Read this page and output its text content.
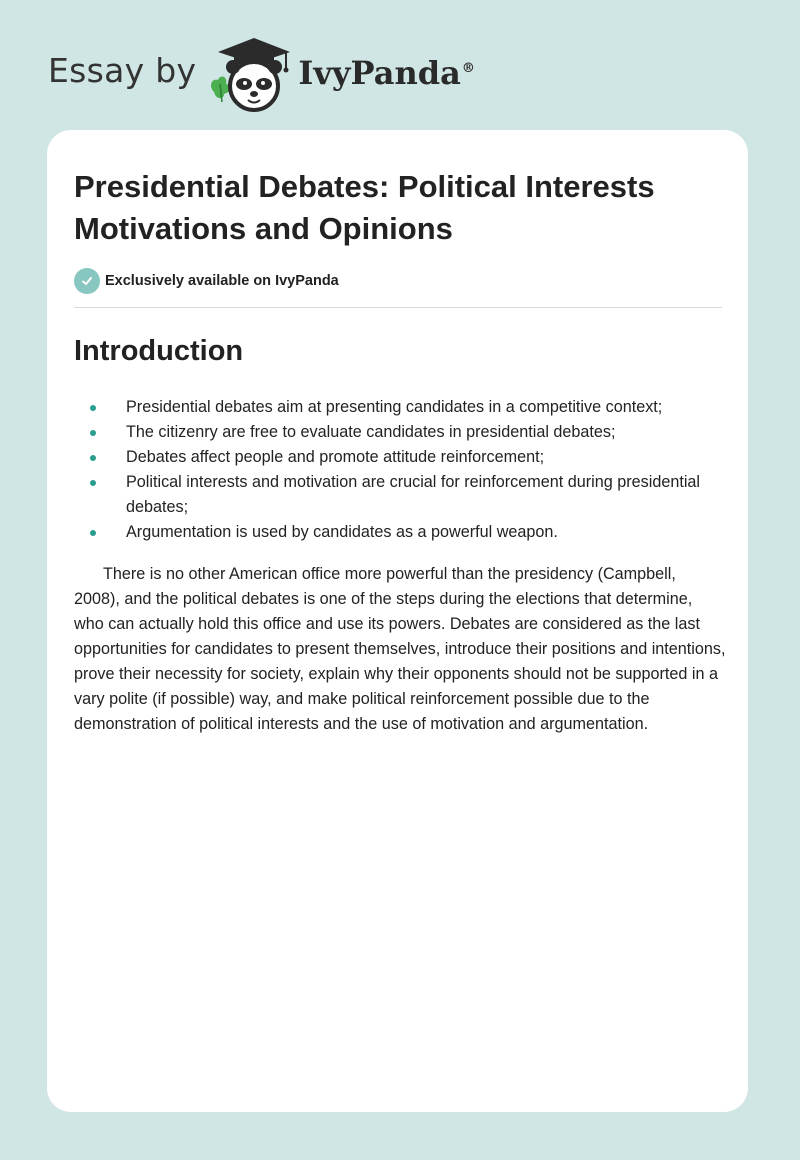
Essay by	IvyPanda®
Presidential Debates: Political Interests Motivations and Opinions
Exclusively available on IvyPanda
Introduction
Presidential debates aim at presenting candidates in a competitive context;
The citizenry are free to evaluate candidates in presidential debates;
Debates affect people and promote attitude reinforcement;
Political interests and motivation are crucial for reinforcement during presidential debates;
Argumentation is used by candidates as a powerful weapon.

There is no other American office more powerful than the presidency (Campbell, 2008), and the political debates is one of the steps during the elections that determine, who can actually hold this office and use its powers. Debates are considered as the last opportunities for candidates to present themselves, introduce their positions and intentions, prove their necessity for society, explain why their opponents should not be supported in a vary polite (if possible) way, and make political reinforcement possible due to the demonstration of political interests and the use of motivation and argumentation.
